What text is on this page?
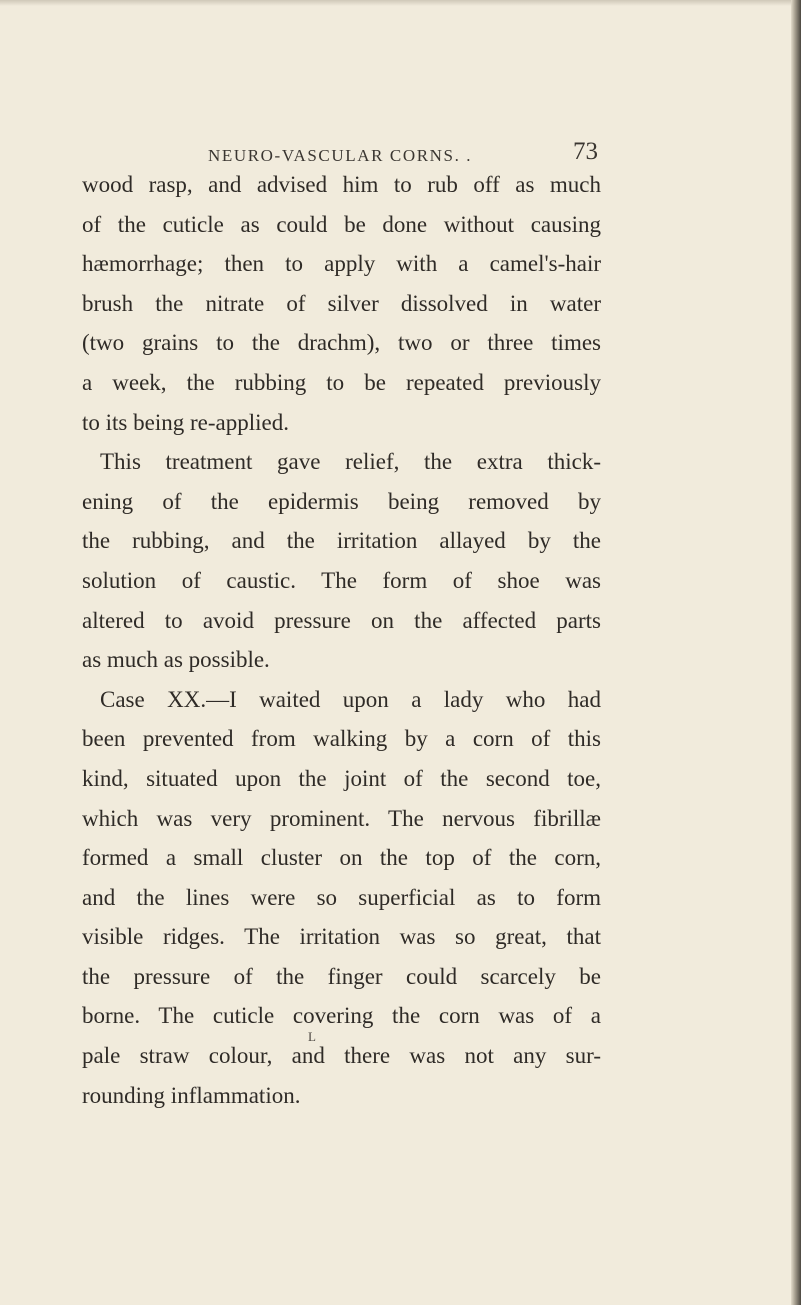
NEURO-VASCULAR CORNS. .	73
wood rasp, and advised him to rub off as much
of the cuticle as could be done without causing
hæmorrhage; then to apply with a camel's-hair
brush the nitrate of silver dissolved in water
(two grains to the drachm), two or three times
a week, the rubbing to be repeated previously
to its being re-applied.
This treatment gave relief, the extra thick-
ening of the epidermis being removed by
the rubbing, and the irritation allayed by the
solution of caustic. The form of shoe was
altered to avoid pressure on the affected parts
as much as possible.
Case XX.—I waited upon a lady who had
been prevented from walking by a corn of this
kind, situated upon the joint of the second toe,
which was very prominent. The nervous fibrillæ
formed a small cluster on the top of the corn,
and the lines were so superficial as to form
visible ridges. The irritation was so great, that
the pressure of the finger could scarcely be
borne. The cuticle covering the corn was of a
pale straw colour, and there was not any sur-
rounding inflammation.
L
